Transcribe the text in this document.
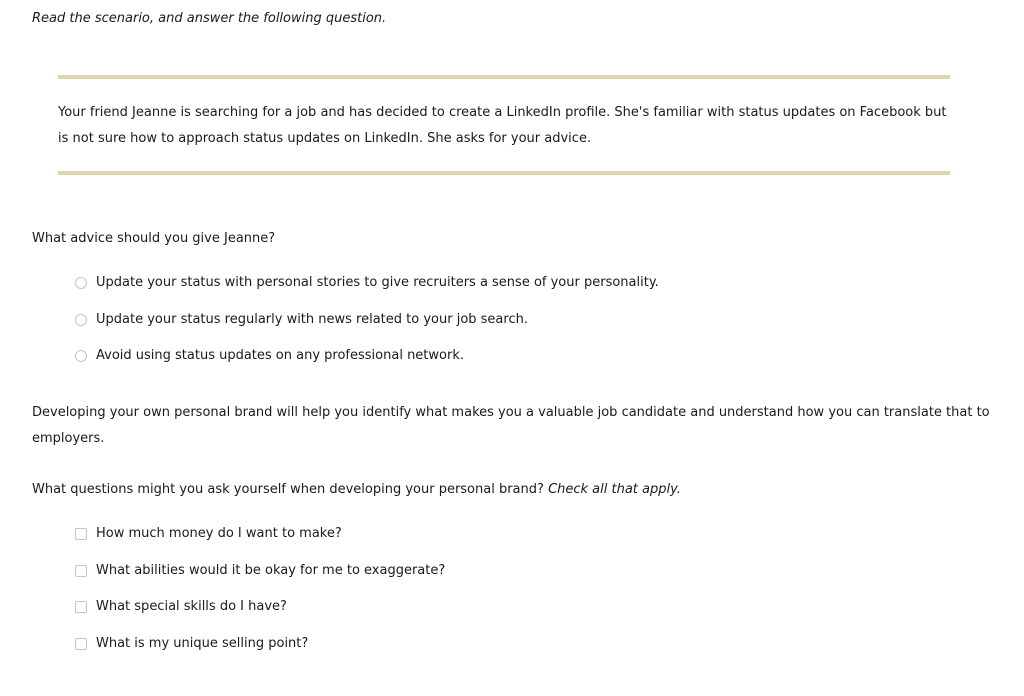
Read the scenario, and answer the following question.
Your friend Jeanne is searching for a job and has decided to create a LinkedIn profile. She's familiar with status updates on Facebook but is not sure how to approach status updates on LinkedIn. She asks for your advice.
What advice should you give Jeanne?
Update your status with personal stories to give recruiters a sense of your personality.
Update your status regularly with news related to your job search.
Avoid using status updates on any professional network.
Developing your own personal brand will help you identify what makes you a valuable job candidate and understand how you can translate that to employers.
What questions might you ask yourself when developing your personal brand? Check all that apply.
How much money do I want to make?
What abilities would it be okay for me to exaggerate?
What special skills do I have?
What is my unique selling point?
